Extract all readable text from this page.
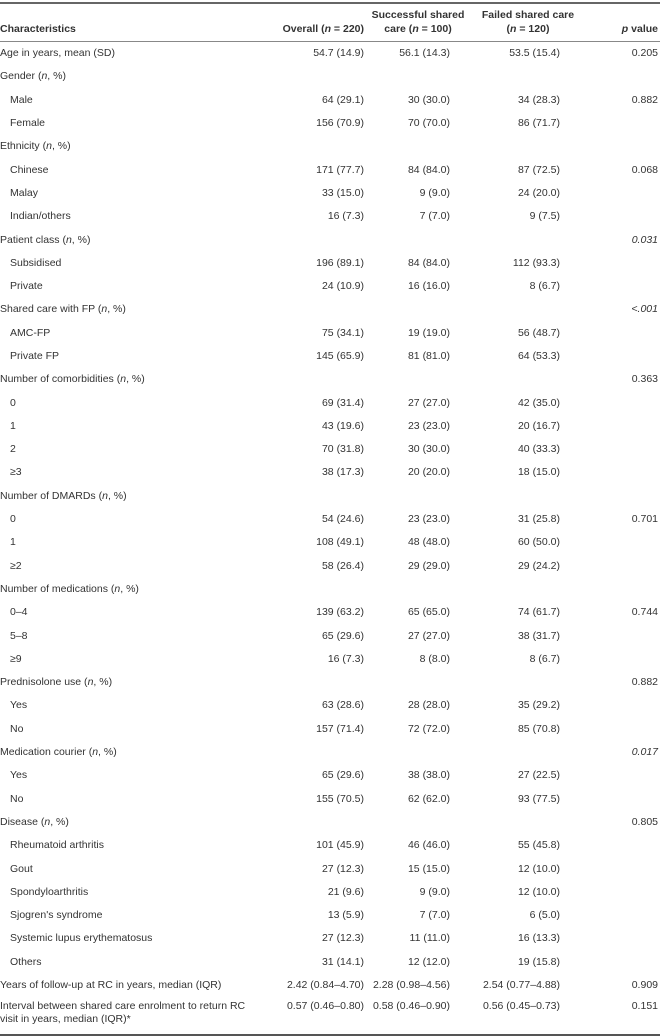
Characteristics	Overall (n = 220)	Successful shared
care (n = 100)	Failed shared care
(n = 120)	p value
Age in years, mean (SD)	54.7 (14.9)	56.1 (14.3)	53.5 (15.4)	0.205
Gender (n, %)				
Male	64 (29.1)	30 (30.0)	34 (28.3)	0.882
Female	156 (70.9)	70 (70.0)	86 (71.7)	
Ethnicity (n, %)				
Chinese	171 (77.7)	84 (84.0)	87 (72.5)	0.068
Malay	33 (15.0)	9 (9.0)	24 (20.0)	
Indian/others	16 (7.3)	7 (7.0)	9 (7.5)	
Patient class (n, %)				0.031
Subsidised	196 (89.1)	84 (84.0)	112 (93.3)	
Private	24 (10.9)	16 (16.0)	8 (6.7)	
Shared care with FP (n, %)				<.001
AMC-FP	75 (34.1)	19 (19.0)	56 (48.7)	
Private FP	145 (65.9)	81 (81.0)	64 (53.3)	
Number of comorbidities (n, %)				0.363
0	69 (31.4)	27 (27.0)	42 (35.0)	
1	43 (19.6)	23 (23.0)	20 (16.7)	
2	70 (31.8)	30 (30.0)	40 (33.3)	
≥3	38 (17.3)	20 (20.0)	18 (15.0)	
Number of DMARDs (n, %)				
0	54 (24.6)	23 (23.0)	31 (25.8)	0.701
1	108 (49.1)	48 (48.0)	60 (50.0)	
≥2	58 (26.4)	29 (29.0)	29 (24.2)	
Number of medications (n, %)				
0–4	139 (63.2)	65 (65.0)	74 (61.7)	0.744
5–8	65 (29.6)	27 (27.0)	38 (31.7)	
≥9	16 (7.3)	8 (8.0)	8 (6.7)	
Prednisolone use (n, %)				0.882
Yes	63 (28.6)	28 (28.0)	35 (29.2)	
No	157 (71.4)	72 (72.0)	85 (70.8)	
Medication courier (n, %)				0.017
Yes	65 (29.6)	38 (38.0)	27 (22.5)	
No	155 (70.5)	62 (62.0)	93 (77.5)	
Disease (n, %)				0.805
Rheumatoid arthritis	101 (45.9)	46 (46.0)	55 (45.8)	
Gout	27 (12.3)	15 (15.0)	12 (10.0)	
Spondyloarthritis	21 (9.6)	9 (9.0)	12 (10.0)	
Sjogren's syndrome	13 (5.9)	7 (7.0)	6 (5.0)	
Systemic lupus erythematosus	27 (12.3)	11 (11.0)	16 (13.3)	
Others	31 (14.1)	12 (12.0)	19 (15.8)	
Years of follow-up at RC in years, median (IQR)	2.42 (0.84–4.70)	2.28 (0.98–4.56)	2.54 (0.77–4.88)	0.909
Interval between shared care enrolment to return RC visit in years, median (IQR)*	0.57 (0.46–0.80)	0.58 (0.46–0.90)	0.56 (0.45–0.73)	0.151
